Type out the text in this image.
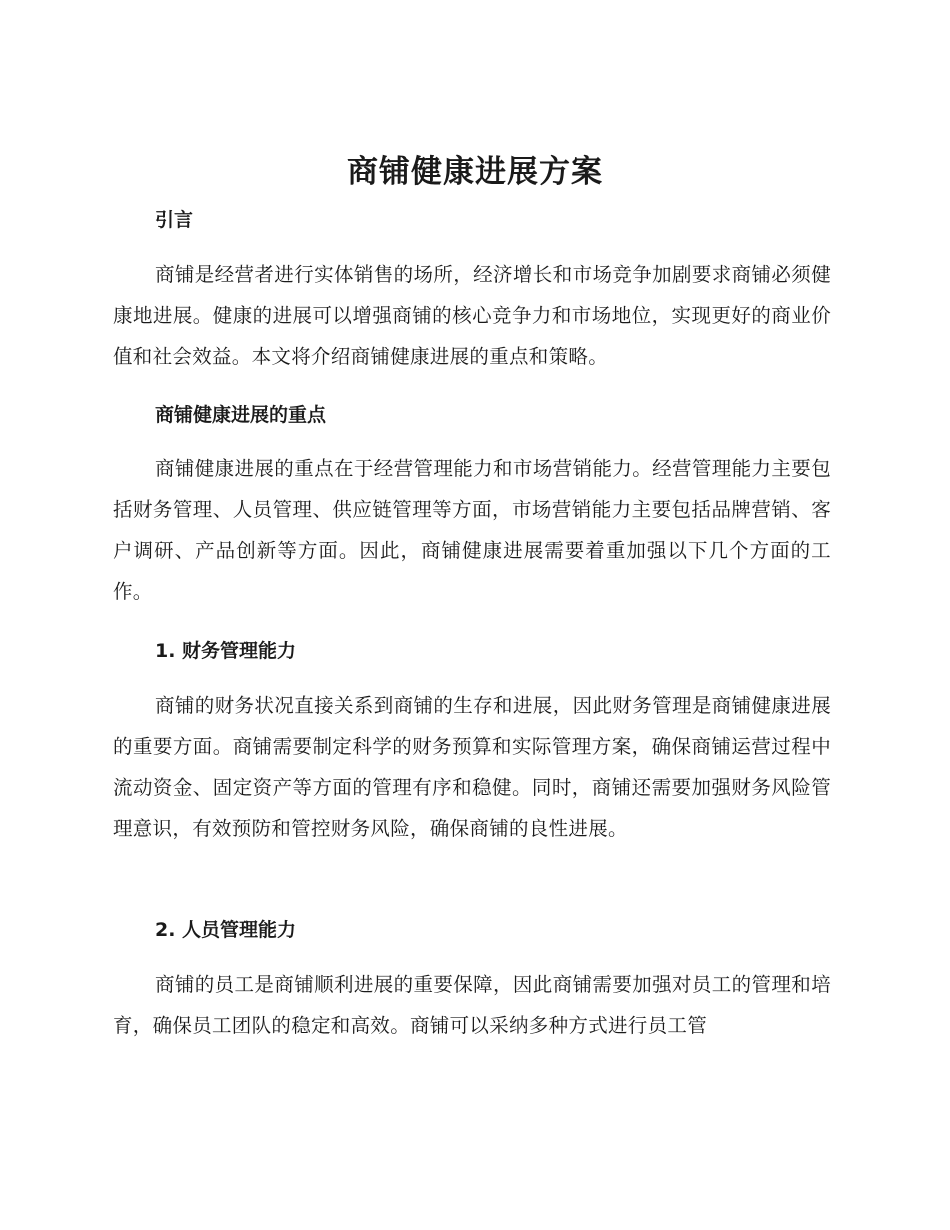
商铺健康进展方案
引言

商铺是经营者进行实体销售的场所，经济增长和市场竞争加剧要求商铺必须健康地进展。健康的进展可以增强商铺的核心竞争力和市场地位，实现更好的商业价值和社会效益。本文将介绍商铺健康进展的重点和策略。

商铺健康进展的重点

商铺健康进展的重点在于经营管理能力和市场营销能力。经营管理能力主要包括财务管理、人员管理、供应链管理等方面，市场营销能力主要包括品牌营销、客户调研、产品创新等方面。因此，商铺健康进展需要着重加强以下几个方面的工作。

1. 财务管理能力

商铺的财务状况直接关系到商铺的生存和进展，因此财务管理是商铺健康进展的重要方面。商铺需要制定科学的财务预算和实际管理方案，确保商铺运营过程中流动资金、固定资产等方面的管理有序和稳健。同时，商铺还需要加强财务风险管理意识，有效预防和管控财务风险，确保商铺的良性进展。

2. 人员管理能力

商铺的员工是商铺顺利进展的重要保障，因此商铺需要加强对员工的管理和培育，确保员工团队的稳定和高效。商铺可以采纳多种方式进行员工管
